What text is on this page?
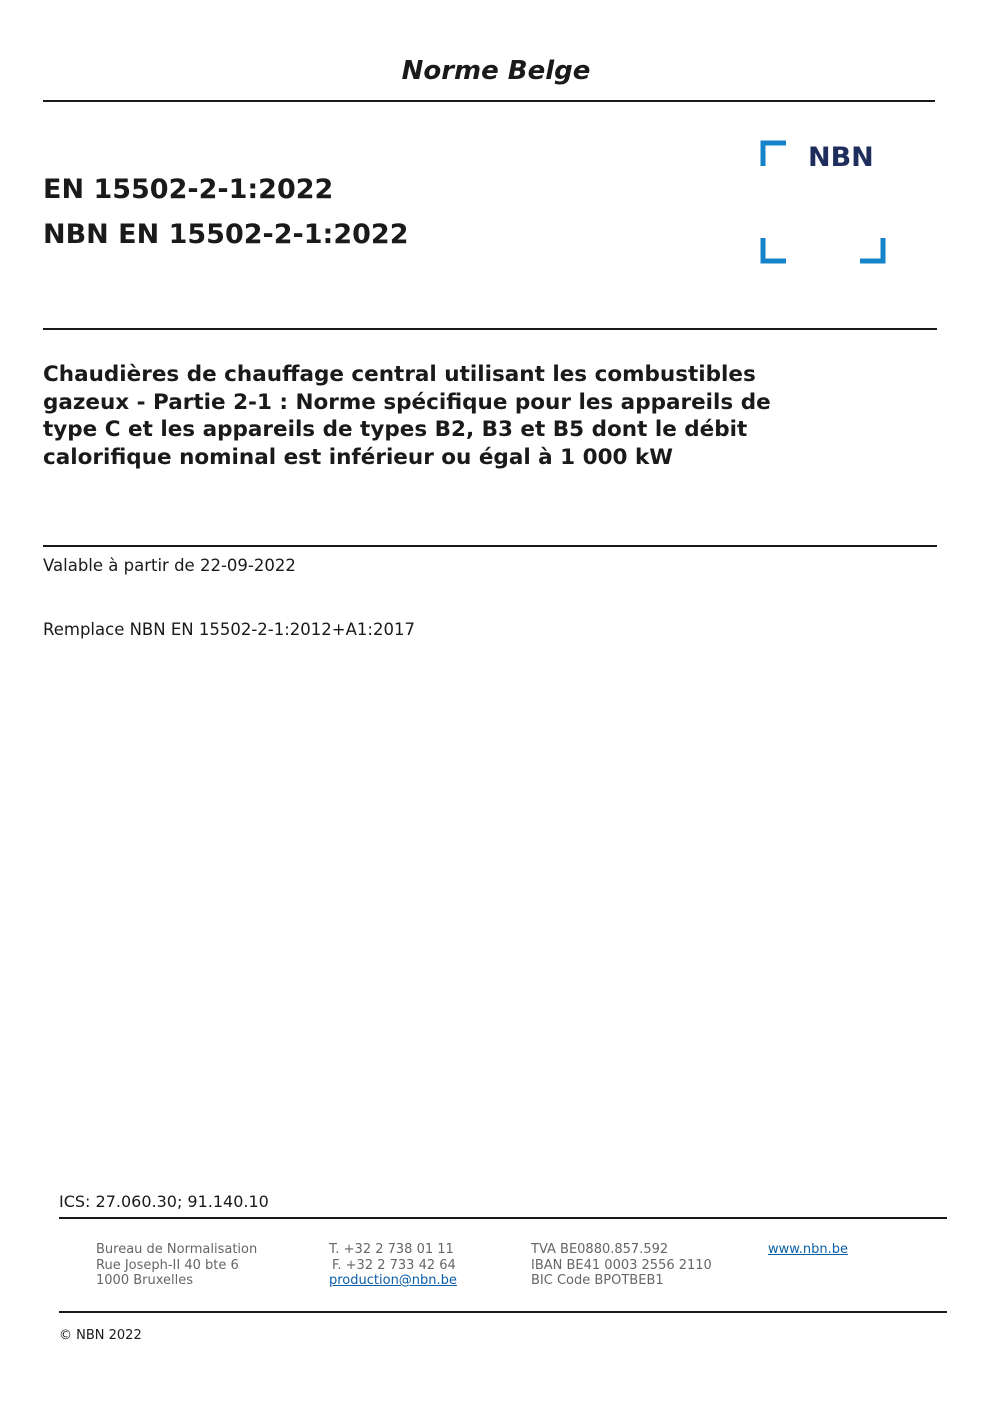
Norme Belge
EN 15502-2-1:2022
NBN EN 15502-2-1:2022
NBN
Chaudières de chauffage central utilisant les combustibles
gazeux - Partie 2-1 : Norme spécifique pour les appareils de
type C et les appareils de types B2, B3 et B5 dont le débit
calorifique nominal est inférieur ou égal à 1 000 kW
Valable à partir de 22-09-2022
Remplace NBN EN 15502-2-1:2012+A1:2017
ICS: 27.060.30; 91.140.10
Bureau de Normalisation
Rue Joseph-II 40 bte 6
1000 Bruxelles
T. +32 2 738 01 11
F. +32 2 733 42 64
production@nbn.be
TVA BE0880.857.592
IBAN BE41 0003 2556 2110
BIC Code BPOTBEB1
www.nbn.be
© NBN 2022
